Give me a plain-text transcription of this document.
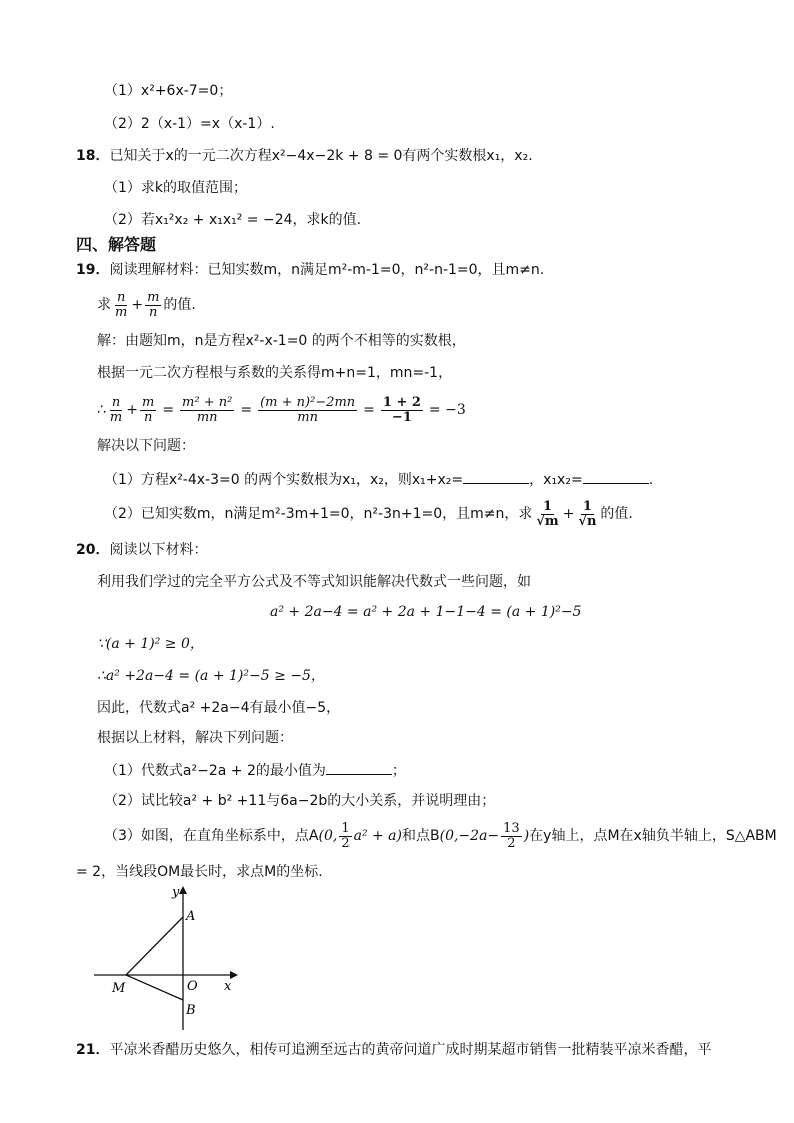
（1）x²+6x-7=0；
（2）2（x-1）=x（x-1）.
18．已知关于x的一元二次方程x²−4x−2k + 8 = 0有两个实数根x₁，x₂.
（1）求k的取值范围；
（2）若x₁²x₂ + x₁x₁² = −24，求k的值.
四、解答题
19．阅读理解材料：已知实数m，n满足m²-m-1=0，n²-n-1=0，且m≠n.
求 $\frac{n}{m} + \frac{m}{n}$ 的值.
解：由题知m，n是方程x²-x-1=0 的两个不相等的实数根，
根据一元二次方程根与系数的关系得m+n=1，mn=-1，
∴ $\frac{n}{m} + \frac{m}{n} = \frac{\text{m² + n²}}{mn} = \frac{\text{(m + n)²−2mn}}{mn} = \frac{1 + 2}{-1} = -3$
解决以下问题：
（1）方程x²-4x-3=0 的两个实数根为x₁，x₂，则x₁+x₂=	，x₁x₂=	.
（2）已知实数m，n满足m²-3m+1=0，n²-3n+1=0，且m≠n，求 $\frac{1}{√m} + \frac{1}{√n}$ 的值.
20．阅读以下材料：
利用我们学过的完全平方公式及不等式知识能解决代数式一些问题，如
a² + 2a−4 = a² + 2a + 1−1−4 = (a + 1)²−5
∵(a + 1)² ≥ 0，
∴a² +2a−4 = (a + 1)²−5 ≥ −5，
因此，代数式a² +2a−4有最小值−5，
根据以上材料，解决下列问题：
（1）代数式a²−2a + 2的最小值为	；
（2）试比较a² + b² +11与6a−2b的大小关系，并说明理由；
（3）如图，在直角坐标系中，点A (0, $\frac{1}{2} a^2 + a$) 和点B ($0,-2a- \frac{13}{2}$ ) 在y轴上，点M在x轴负半轴上，S△ABM
= 2，当线段OM最长时，求点M的坐标.
y
A
M	O x
B
21．平凉米香醋历史悠久，相传可追溯至远古的黄帝问道广成时期某超市销售一批精装平凉米香醋，平
